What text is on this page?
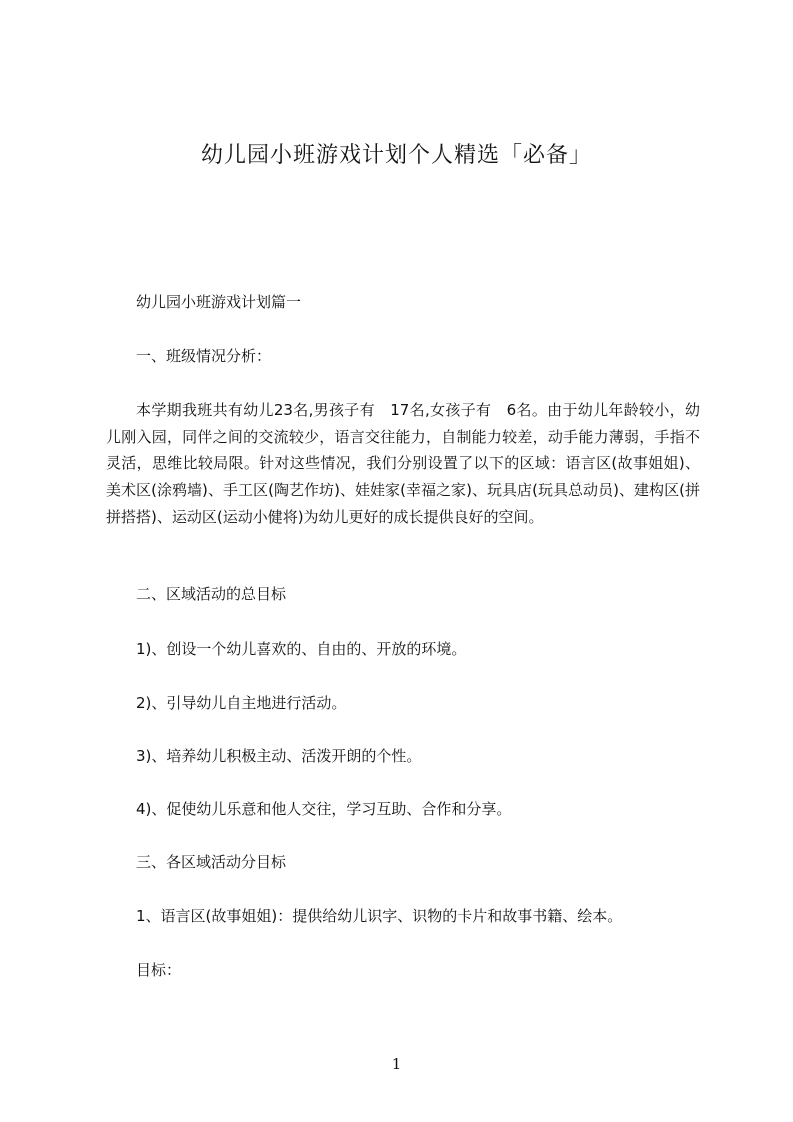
幼儿园小班游戏计划个人精选「必备」
幼儿园小班游戏计划篇一
一、班级情况分析：
本学期我班共有幼儿23名,男孩子有　17名,女孩子有　6名。由于幼儿年龄较小，幼儿刚入园，同伴之间的交流较少，语言交往能力，自制能力较差，动手能力薄弱，手指不灵活，思维比较局限。针对这些情况，我们分别设置了以下的区域：语言区(故事姐姐)、美术区(涂鸦墙)、手工区(陶艺作坊)、娃娃家(幸福之家)、玩具店(玩具总动员)、建构区(拼拼搭搭)、运动区(运动小健将)为幼儿更好的成长提供良好的空间。
二、区域活动的总目标
1)、创设一个幼儿喜欢的、自由的、开放的环境。
2)、引导幼儿自主地进行活动。
3)、培养幼儿积极主动、活泼开朗的个性。
4)、促使幼儿乐意和他人交往，学习互助、合作和分享。
三、各区域活动分目标
1、语言区(故事姐姐)：提供给幼儿识字、识物的卡片和故事书籍、绘本。
目标：
1
